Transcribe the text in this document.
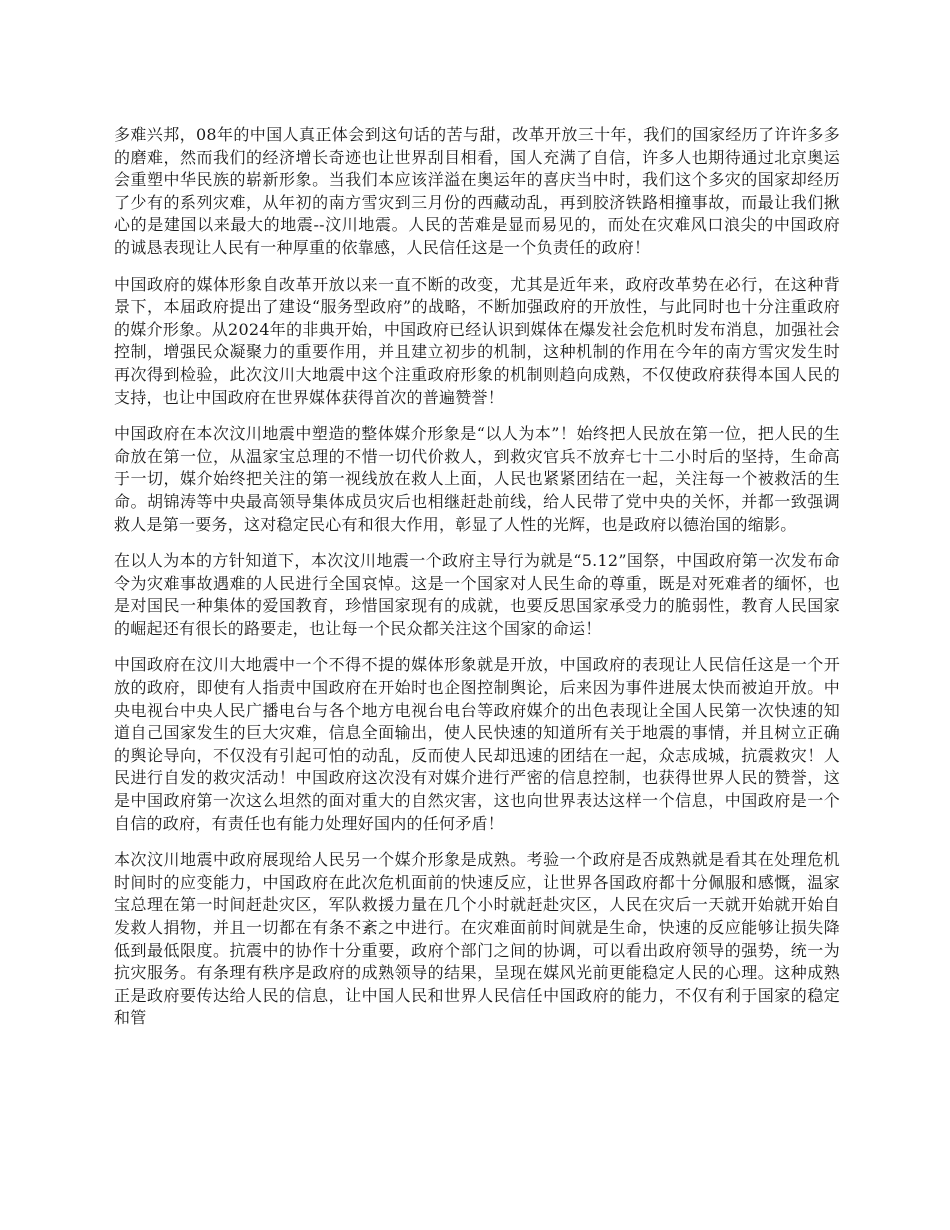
多难兴邦，08年的中国人真正体会到这句话的苦与甜，改革开放三十年，我们的国家经历了许许多多的磨难，然而我们的经济增长奇迹也让世界刮目相看，国人充满了自信，许多人也期待通过北京奥运会重塑中华民族的崭新形象。当我们本应该洋溢在奥运年的喜庆当中时，我们这个多灾的国家却经历了少有的系列灾难，从年初的南方雪灾到三月份的西藏动乱，再到胶济铁路相撞事故，而最让我们揪心的是建国以来最大的地震--汶川地震。人民的苦难是显而易见的，而处在灾难风口浪尖的中国政府的诚恳表现让人民有一种厚重的依靠感，人民信任这是一个负责任的政府！

中国政府的媒体形象自改革开放以来一直不断的改变，尤其是近年来，政府改革势在必行，在这种背景下，本届政府提出了建设“服务型政府”的战略，不断加强政府的开放性，与此同时也十分注重政府的媒介形象。从2024年的非典开始，中国政府已经认识到媒体在爆发社会危机时发布消息，加强社会控制，增强民众凝聚力的重要作用，并且建立初步的机制，这种机制的作用在今年的南方雪灾发生时再次得到检验，此次汶川大地震中这个注重政府形象的机制则趋向成熟，不仅使政府获得本国人民的支持，也让中国政府在世界媒体获得首次的普遍赞誉！

中国政府在本次汶川地震中塑造的整体媒介形象是“以人为本”！始终把人民放在第一位，把人民的生命放在第一位，从温家宝总理的不惜一切代价救人，到救灾官兵不放弃七十二小时后的坚持，生命高于一切，媒介始终把关注的第一视线放在救人上面，人民也紧紧团结在一起，关注每一个被救活的生命。胡锦涛等中央最高领导集体成员灾后也相继赶赴前线，给人民带了党中央的关怀，并都一致强调救人是第一要务，这对稳定民心有和很大作用，彰显了人性的光辉，也是政府以德治国的缩影。

在以人为本的方针知道下，本次汶川地震一个政府主导行为就是“5.12”国祭，中国政府第一次发布命令为灾难事故遇难的人民进行全国哀悼。这是一个国家对人民生命的尊重，既是对死难者的缅怀，也是对国民一种集体的爱国教育，珍惜国家现有的成就，也要反思国家承受力的脆弱性，教育人民国家的崛起还有很长的路要走，也让每一个民众都关注这个国家的命运！

中国政府在汶川大地震中一个不得不提的媒体形象就是开放，中国政府的表现让人民信任这是一个开放的政府，即使有人指责中国政府在开始时也企图控制舆论，后来因为事件进展太快而被迫开放。中央电视台中央人民广播电台与各个地方电视台电台等政府媒介的出色表现让全国人民第一次快速的知道自己国家发生的巨大灾难，信息全面输出，使人民快速的知道所有关于地震的事情，并且树立正确的舆论导向，不仅没有引起可怕的动乱，反而使人民却迅速的团结在一起，众志成城，抗震救灾！人民进行自发的救灾活动！中国政府这次没有对媒介进行严密的信息控制，也获得世界人民的赞誉，这是中国政府第一次这么坦然的面对重大的自然灾害，这也向世界表达这样一个信息，中国政府是一个自信的政府，有责任也有能力处理好国内的任何矛盾！

本次汶川地震中政府展现给人民另一个媒介形象是成熟。考验一个政府是否成熟就是看其在处理危机时间时的应变能力，中国政府在此次危机面前的快速反应，让世界各国政府都十分佩服和感慨，温家宝总理在第一时间赶赴灾区，军队救援力量在几个小时就赶赴灾区，人民在灾后一天就开始就开始自发救人捐物，并且一切都在有条不紊之中进行。在灾难面前时间就是生命，快速的反应能够让损失降低到最低限度。抗震中的协作十分重要，政府个部门之间的协调，可以看出政府领导的强势，统一为抗灾服务。有条理有秩序是政府的成熟领导的结果，呈现在媒风光前更能稳定人民的心理。这种成熟正是政府要传达给人民的信息，让中国人民和世界人民信任中国政府的能力，不仅有利于国家的稳定和管
